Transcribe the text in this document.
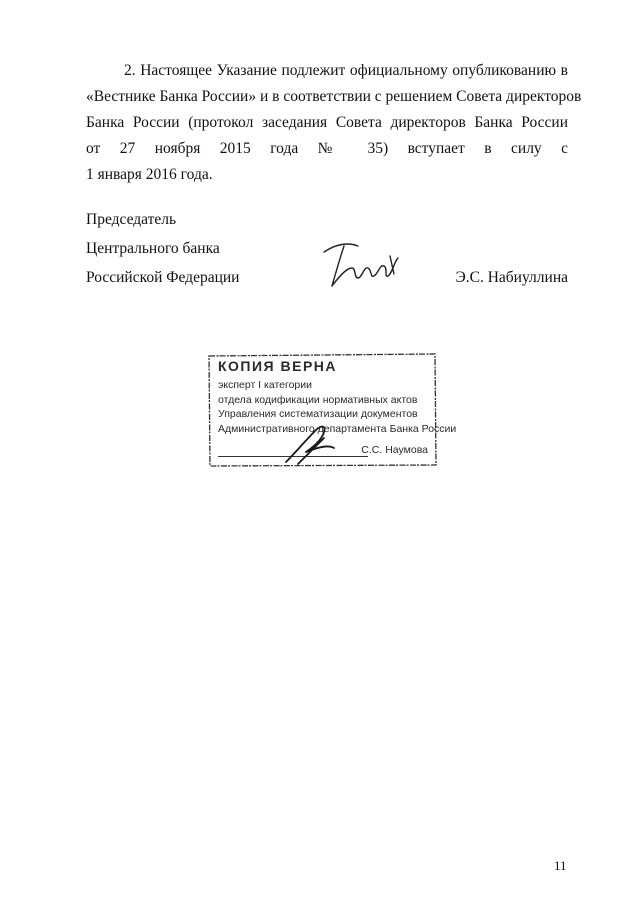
2. Настоящее Указание подлежит официальному опубликованию в
«Вестнике Банка России» и в соответствии с решением Совета директоров
Банка России (протокол заседания Совета директоров Банка России
от 27 ноября 2015 года № 35) вступает в силу с
1 января 2016 года.
Председатель
Центрального банка
Российской Федерации	Э.С. Набиуллина
КОПИЯ ВЕРНА
эксперт I категории
отдела кодификации нормативных актов
Управления систематизации документов
Административного департамента Банка России
С.С. Наумова
11
